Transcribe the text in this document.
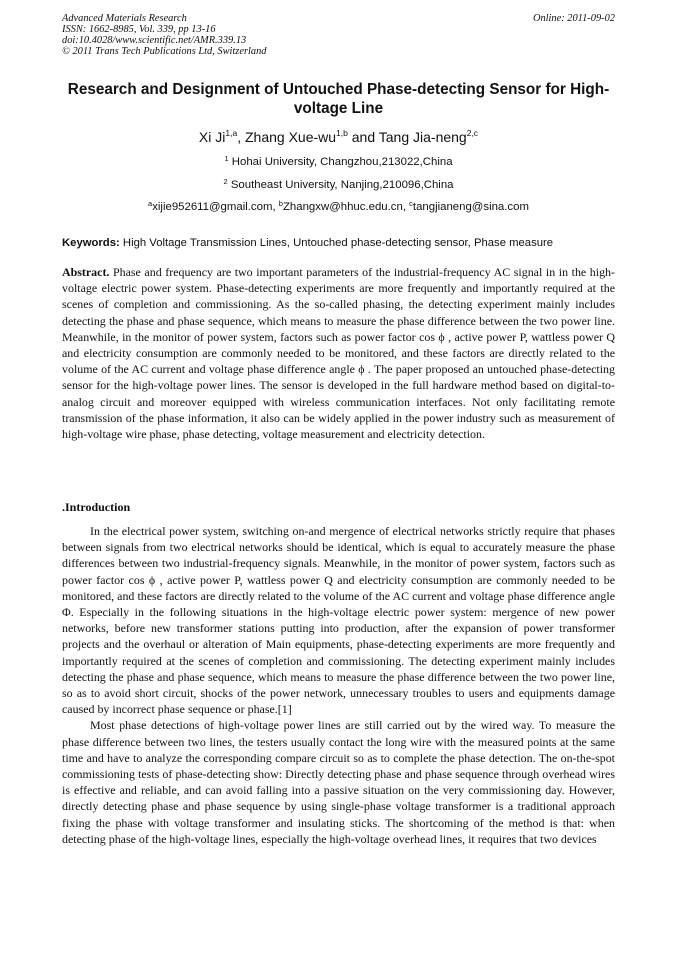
Advanced Materials Research
ISSN: 1662-8985, Vol. 339, pp 13-16
doi:10.4028/www.scientific.net/AMR.339.13
© 2011 Trans Tech Publications Ltd, Switzerland
Online: 2011-09-02
Research and Designment of Untouched Phase-detecting Sensor for High-voltage Line
Xi Ji$^{1,a}$, Zhang Xue-wu$^{1,b}$ and Tang Jia-neng$^{2,c}$
$^1$ Hohai University, Changzhou,213022,China
$^2$ Southeast University, Nanjing,210096,China
$^a$xijie952611@gmail.com, $^b$Zhangxw@hhuc.edu.cn, $^c$tangjianeng@sina.com
Keywords: High Voltage Transmission Lines, Untouched phase-detecting sensor, Phase measure

Abstract. Phase and frequency are two important parameters of the industrial-frequency AC signal in in the high-voltage electric power system. Phase-detecting experiments are more frequently and importantly required at the scenes of completion and commissioning. As the so-called phasing, the detecting experiment mainly includes detecting the phase and phase sequence, which means to measure the phase difference between the two power line. Meanwhile, in the monitor of power system, factors such as power factor cos ϕ , active power P, wattless power Q and electricity consumption are commonly needed to be monitored, and these factors are directly related to the volume of the AC current and voltage phase difference angle ϕ . The paper proposed an untouched phase-detecting sensor for the high-voltage power lines. The sensor is developed in the full hardware method based on digital-to-analog circuit and moreover equipped with wireless communication interfaces. Not only facilitating remote transmission of the phase information, it also can be widely applied in the power industry such as measurement of high-voltage wire phase, phase detecting, voltage measurement and electricity detection.

.Introduction

In the electrical power system, switching on-and mergence of electrical networks strictly require that phases between signals from two electrical networks should be identical, which is equal to accurately measure the phase differences between two industrial-frequency signals. Meanwhile, in the monitor of power system, factors such as power factor cos ϕ , active power P, wattless power Q and electricity consumption are commonly needed to be monitored, and these factors are directly related to the volume of the AC current and voltage phase difference angle Φ. Especially in the following situations in the high-voltage electric power system: mergence of new power networks, before new transformer stations putting into production, after the expansion of power transformer projects and the overhaul or alteration of Main equipments, phase-detecting experiments are more frequently and importantly required at the scenes of completion and commissioning. The detecting experiment mainly includes detecting the phase and phase sequence, which means to measure the phase difference between the two power line, so as to avoid short circuit, shocks of the power network, unnecessary troubles to users and equipments damage caused by incorrect phase sequence or phase.[1]

Most phase detections of high-voltage power lines are still carried out by the wired way. To measure the phase difference between two lines, the testers usually contact the long wire with the measured points at the same time and have to analyze the corresponding compare circuit so as to complete the phase detection. The on-the-spot commissioning tests of phase-detecting show: Directly detecting phase and phase sequence through overhead wires is effective and reliable, and can avoid falling into a passive situation on the very commissioning day. However, directly detecting phase and phase sequence by using single-phase voltage transformer is a traditional approach fixing the phase with voltage transformer and insulating sticks. The shortcoming of the method is that: when detecting phase of the high-voltage lines, especially the high-voltage overhead lines, it requires that two devices
